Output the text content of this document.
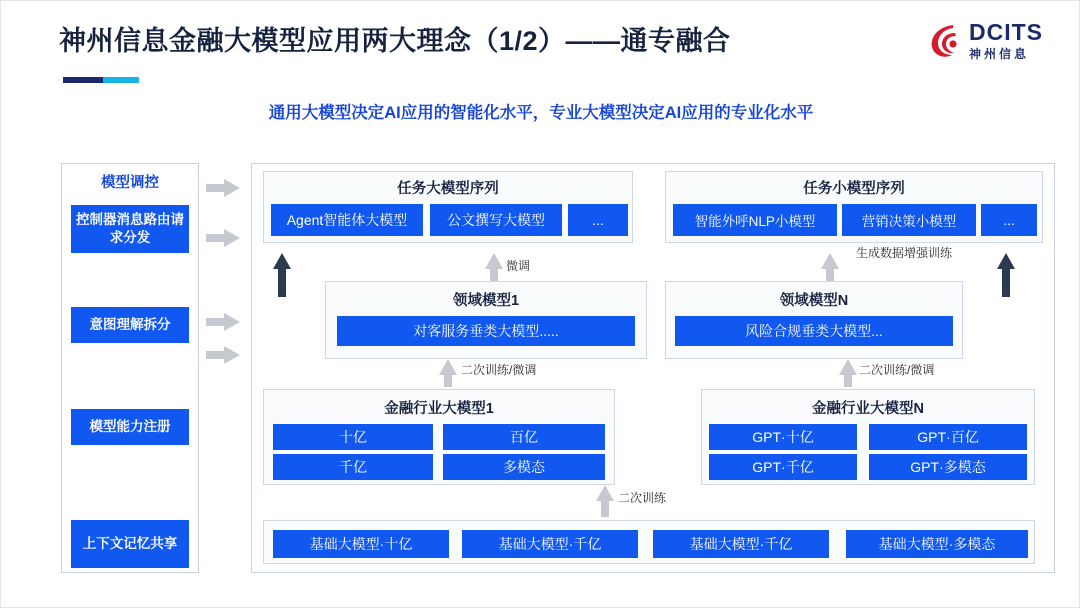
神州信息金融大模型应用两大理念（1/2）——通专融合	DCITS
神州信息
通用大模型决定AI应用的智能化水平，专业大模型决定AI应用的专业化水平
模型调控
控制器消息路由请求分发
意图理解拆分
模型能力注册
上下文记忆共享
任务大模型序列
Agent智能体大模型	公文撰写大模型	...
任务小模型序列
智能外呼NLP小模型	营销决策小模型	...
微调
生成数据增强训练
领域模型1
对客服务垂类大模型.....
领域模型N
风险合规垂类大模型...
二次训练/微调	二次训练/微调
金融行业大模型1
十亿	百亿
千亿	多模态
金融行业大模型N
GPT·十亿	GPT·百亿
GPT·千亿	GPT·多模态
二次训练
基础大模型·十亿	基础大模型·千亿	基础大模型·千亿	基础大模型·多模态
